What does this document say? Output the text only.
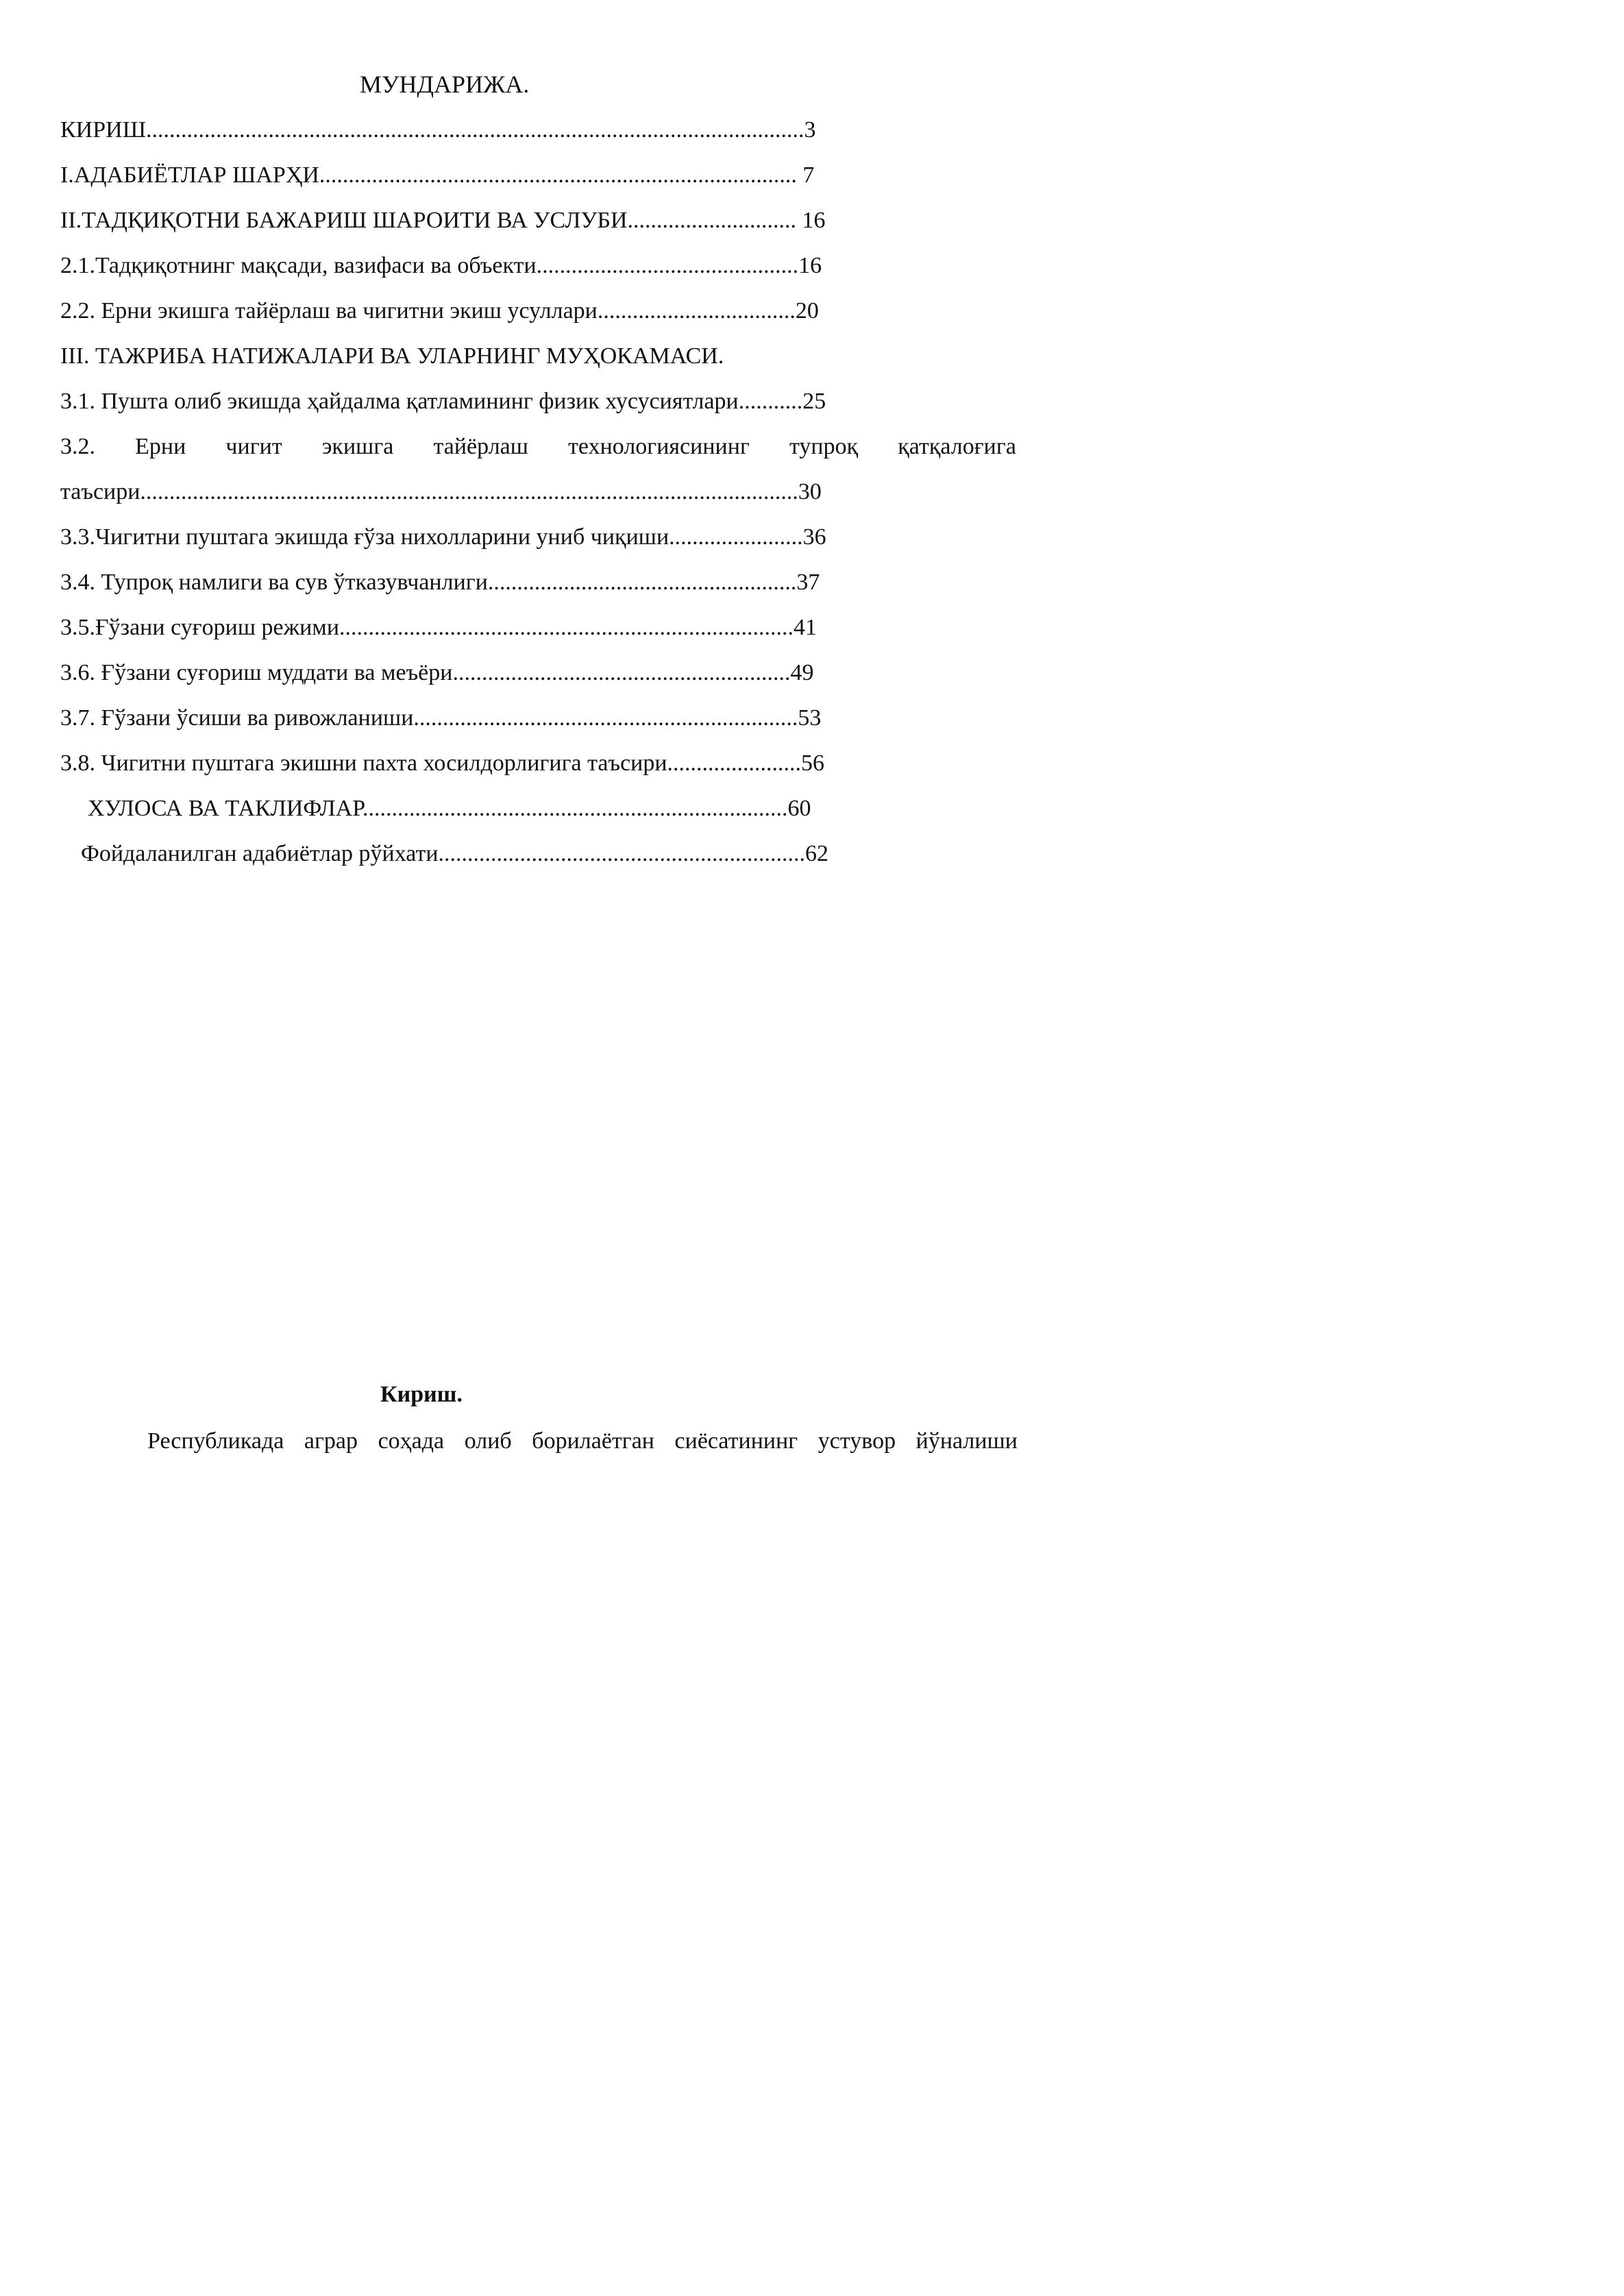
МУНДАРИЖА.
КИРИШ.................................................................................................................3
I.АДАБИЁТЛАР ШАРҲИ.................................................................................. 7
II.ТАДҚИҚОТНИ БАЖАРИШ ШАРОИТИ ВА УСЛУБИ............................. 16
2.1.Тадқиқотнинг мақсади, вазифаси ва объекти.............................................16
2.2. Ерни экишга тайёрлаш ва чигитни экиш усуллари..................................20
III. ТАЖРИБА НАТИЖАЛАРИ ВА УЛАРНИНГ МУҲОКАМАСИ.
3.1. Пушта олиб экишда ҳайдалма қатламининг физик хусусиятлари...........25
3.2. Ерни чигит экишга тайёрлаш технологиясининг тупроқ қатқалоғига
таъсири.................................................................................................................30
3.3.Чигитни пуштага экишда ғўза нихолларини униб чиқиши.......................36
3.4. Тупроқ намлиги ва сув ўтказувчанлиги.....................................................37
3.5.Ғўзани суғориш режими..............................................................................41
3.6. Ғўзани суғориш муддати ва меъёри..........................................................49
3.7. Ғўзани ўсиши ва ривожланиши..................................................................53
3.8. Чигитни пуштага экишни пахта хосилдорлигига таъсири.......................56
ХУЛОСА ВА ТАКЛИФЛАР.........................................................................60
Фойдаланилган адабиётлар рўйхати...............................................................62
Кириш.
Республикада аграр соҳада олиб борилаётган сиёсатининг устувор йўналиши
